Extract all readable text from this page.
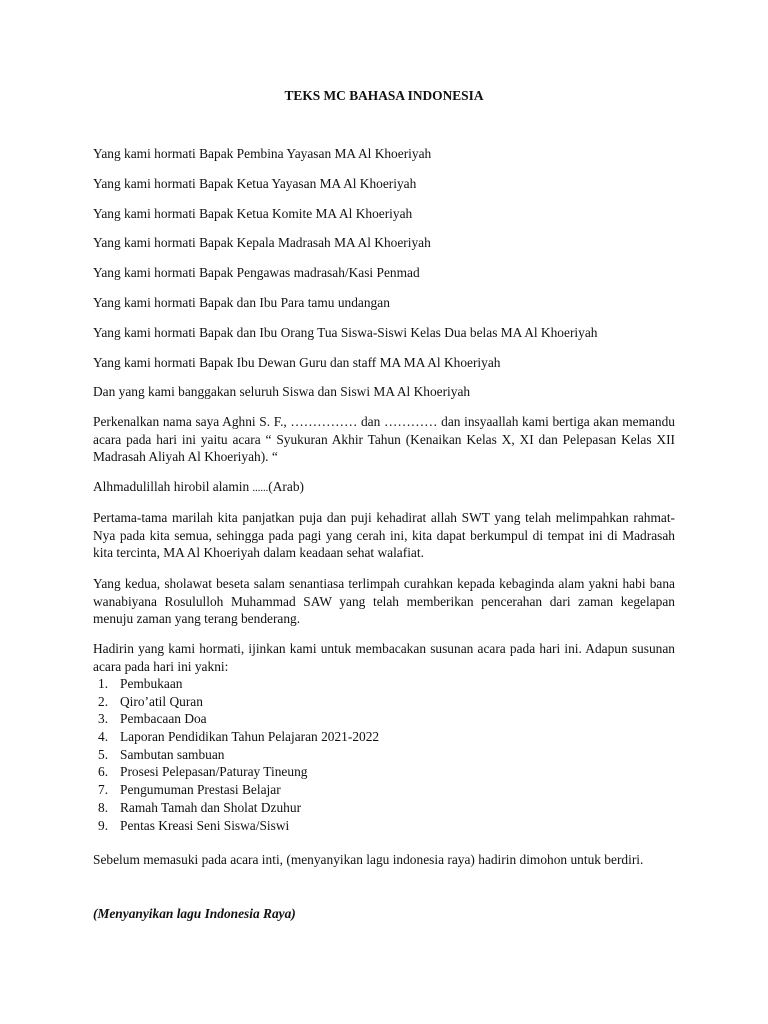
TEKS MC BAHASA INDONESIA
Yang kami hormati Bapak Pembina Yayasan MA Al Khoeriyah
Yang kami hormati Bapak Ketua Yayasan MA Al Khoeriyah
Yang kami hormati Bapak Ketua Komite MA Al Khoeriyah
Yang kami hormati Bapak Kepala Madrasah MA Al Khoeriyah
Yang kami hormati Bapak Pengawas madrasah/Kasi Penmad
Yang kami hormati Bapak dan Ibu Para tamu undangan
Yang kami hormati Bapak dan Ibu Orang Tua Siswa-Siswi Kelas Dua belas MA Al Khoeriyah
Yang kami hormati Bapak Ibu Dewan Guru dan staff MA MA Al Khoeriyah
Dan yang kami banggakan seluruh Siswa dan Siswi MA Al Khoeriyah

Perkenalkan nama saya Aghni S. F., …………… dan ………… dan insyaallah kami bertiga akan memandu acara pada hari ini yaitu acara “ Syukuran Akhir Tahun (Kenaikan Kelas X, XI dan Pelepasan Kelas XII Madrasah Aliyah Al Khoeriyah). “

Alhmadulillah hirobil alamin ......(Arab)

Pertama-tama marilah kita panjatkan puja dan puji kehadirat allah SWT yang telah melimpahkan rahmat-Nya pada kita semua, sehingga pada pagi yang cerah ini, kita dapat berkumpul di tempat ini di Madrasah kita tercinta, MA Al Khoeriyah dalam keadaan sehat walafiat.

Yang kedua, sholawat beseta salam senantiasa terlimpah curahkan kepada kebaginda alam yakni habi bana wanabiyana Rosululloh Muhammad SAW yang telah memberikan pencerahan dari zaman kegelapan menuju zaman yang terang benderang.

Hadirin yang kami hormati, ijinkan kami untuk membacakan susunan acara pada hari ini. Adapun susunan acara pada hari ini yakni:

1. Pembukaan
2. Qiro’atil Quran
3. Pembacaan Doa
4. Laporan Pendidikan Tahun Pelajaran 2021-2022
5. Sambutan sambuan
6. Prosesi Pelepasan/Paturay Tineung
7. Pengumuman Prestasi Belajar
8. Ramah Tamah dan Sholat Dzuhur
9. Pentas Kreasi Seni Siswa/Siswi

Sebelum memasuki pada acara inti, (menyanyikan lagu indonesia raya) hadirin dimohon untuk berdiri.

(Menyanyikan lagu Indonesia Raya)
